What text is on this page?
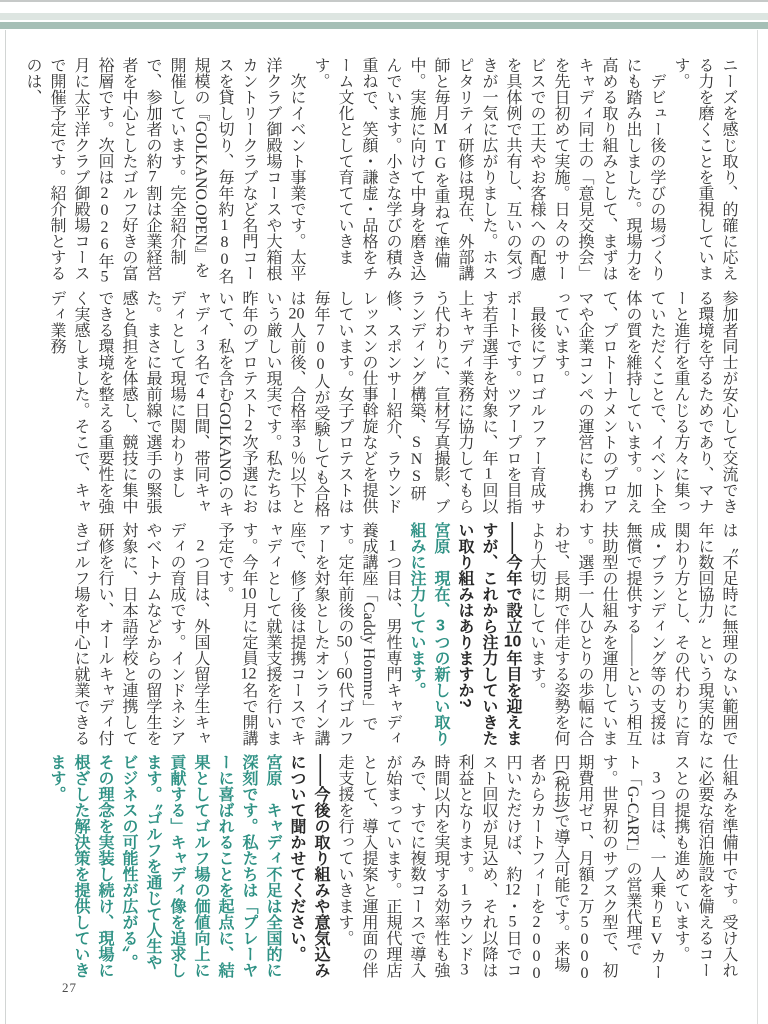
ニーズを感じ取り、的確に応える力を磨くことを重視しています。

　デビュー後の学びの場づくりにも踏み出しました。現場力を高める取り組みとして、まずはキャディ同士の「意見交換会」を先日初めて実施。日々のサービスでの工夫やお客様への配慮を具体例で共有し、互いの気づきが一気に広がりました。ホスピタリティ研修は現在、外部講師と毎月MTGを重ねて準備中。実施に向けて中身を磨き込んでいます。小さな学びの積み重ねで、笑顔・謙虚・品格をチーム文化として育てていきます。

　次にイベント事業です。太平洋クラブ御殿場コースや大箱根カントリークラブなど名門コースを貸し切り、毎年約180名規模の『GOLKANO.OPEN』を開催しています。完全紹介制で、参加者の約7割は企業経営者を中心としたゴルフ好きの富裕層です。次回は2026年5月に太平洋クラブ御殿場コースで開催予定です。紹介制とするのは、

参加者同士が安心して交流できる環境を守るためであり、マナーと進行を重んじる方々に集っていただくことで、イベント全体の質を維持しています。加えて、プロトーナメントのプロアマや企業コンペの運営にも携わっています。

　最後にプロゴルファー育成サポートです。ツアープロを目指す若手選手を対象に、年1回以上キャディ業務に協力してもらう代わりに、宣材写真撮影、ブランディング構築、SNS研修、スポンサー紹介、ラウンドレッスンの仕事斡旋などを提供しています。女子プロテストは毎年700人が受験しても合格は20人前後、合格率3％以下という厳しい現実です。私たちは昨年のプロテスト2次予選において、私を含むGOLKANO.のキャディ3名で4日間、帯同キャディとして現場に関わりました。まさに最前線で選手の緊張感と負担を体感し、競技に集中できる環境を整える重要性を強く実感しました。そこで、キャディ業務

は〝不足時に無理のない範囲で年に数回協力〟という現実的な関わり方とし、その代わりに育成・ブランディング等の支援は無償で提供する――という相互扶助型の仕組みを運用しています。選手一人ひとりの歩幅に合わせ、長期で伴走する姿勢を何より大切にしています。

――今年で設立10年目を迎えますが、これから注力していきたい取り組みはありますか?

宮原　現在、3つの新しい取り組みに注力しています。

　1つ目は、男性専門キャディ養成講座「Caddy Homme」です。定年前後の50〜60代ゴルファーを対象としたオンライン講座で、修了後は提携コースでキャディとして就業支援を行います。今年10月に定員12名で開講予定です。

　2つ目は、外国人留学生キャディの育成です。インドネシアやベトナムなどからの留学生を対象に、日本語学校と連携して研修を行い、オールキャディ付きゴルフ場を中心に就業できる

仕組みを準備中です。受け入れに必要な宿泊施設を備えるコースとの提携も進めています。

　3つ目は、一人乗りEVカート「G-CART」の営業代理です。世界初のサブスク型で、初期費用ゼロ、月額2万5000円(税抜)で導入可能です。来場者からカートフィーを2000円いただけば、約12・5日でコスト回収が見込め、それ以降は利益となります。1ラウンド3時間以内を実現する効率性も強みで、すでに複数コースで導入が始まっています。正規代理店として、導入提案と運用面の伴走支援を行っていきます。

――今後の取り組みや意気込みについて聞かせてください。

宮原　キャディ不足は全国的に深刻です。私たちは「プレーヤーに喜ばれることを起点に、結果としてゴルフ場の価値向上に貢献する」キャディ像を追求します。〝ゴルフを通じて人生やビジネスの可能性が広がる〟。その理念を実装し続け、現場に根ざした解決策を提供していきます。

27
